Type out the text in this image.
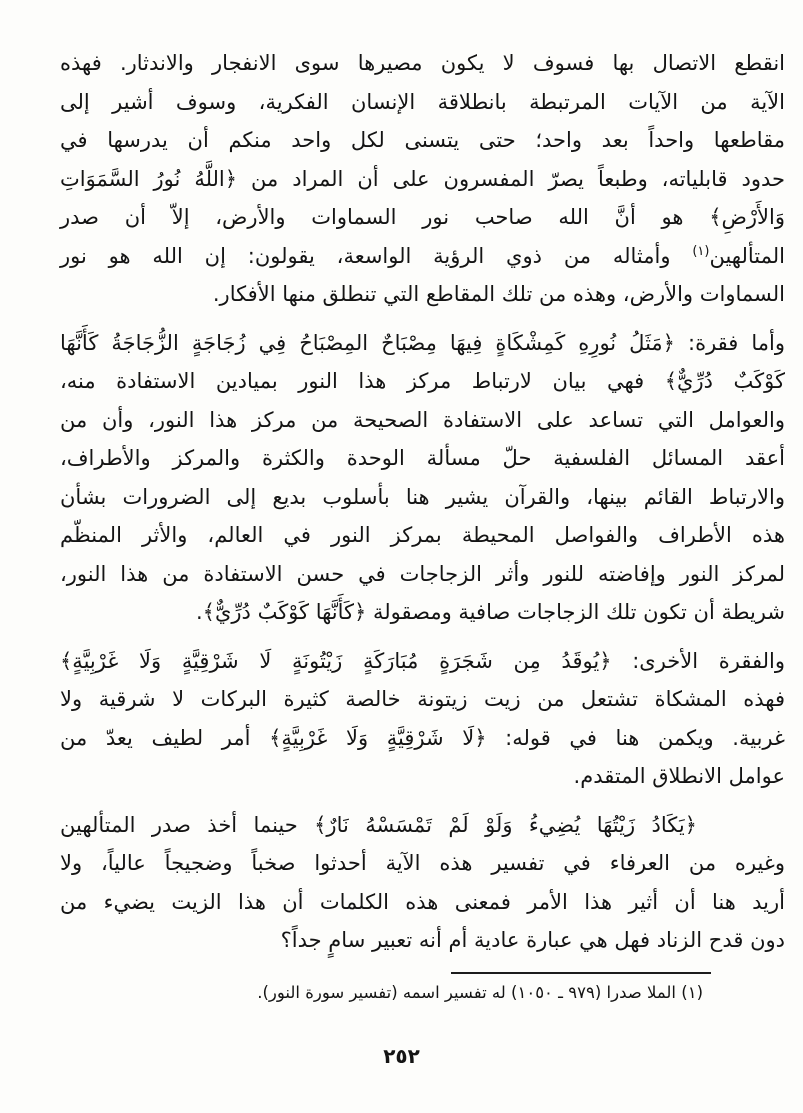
انقطع الاتصال بها فسوف لا يكون مصيرها سوى الانفجار والاندثار. فهذه
الآية من الآيات المرتبطة بانطلاقة الإنسان الفكرية، وسوف أشير إلى
مقاطعها واحداً بعد واحد؛ حتى يتسنى لكل واحد منكم أن يدرسها في
حدود قابلياته، وطبعاً يصرّ المفسرون على أن المراد من ﴿اللَّهُ نُورُ السَّمَوَاتِ
وَالأَرْضِ﴾ هو أنَّ الله صاحب نور السماوات والأرض، إلاّ أن صدر
المتألهين$^{(١)}$ وأمثاله من ذوي الرؤية الواسعة، يقولون: إن الله هو نور
السماوات والأرض، وهذه من تلك المقاطع التي تنطلق منها الأفكار.
وأما فقرة: ﴿مَثَلُ نُورِهِ كَمِشْكَاةٍ فِيهَا مِصْبَاحٌ المِصْبَاحُ فِي زُجَاجَةٍ الزُّجَاجَةُ كَأَنَّهَا
كَوْكَبٌ دُرِّيٌّ﴾ فهي بيان لارتباط مركز هذا النور بميادين الاستفادة منه،
والعوامل التي تساعد على الاستفادة الصحيحة من مركز هذا النور، وأن من
أعقد المسائل الفلسفية حلّ مسألة الوحدة والكثرة والمركز والأطراف،
والارتباط القائم بينها، والقرآن يشير هنا بأسلوب بديع إلى الضرورات بشأن
هذه الأطراف والفواصل المحيطة بمركز النور في العالم، والأثر المنظّم
لمركز النور وإفاضته للنور وأثر الزجاجات في حسن الاستفادة من هذا النور،
شريطة أن تكون تلك الزجاجات صافية ومصقولة ﴿كَأَنَّهَا كَوْكَبٌ دُرِّيٌّ﴾.
والفقرة الأخرى: ﴿يُوقَدُ مِن شَجَرَةٍ مُبَارَكَةٍ زَيْتُونَةٍ لَا شَرْقِيَّةٍ وَلَا غَرْبِيَّةٍ﴾
فهذه المشكاة تشتعل من زيت زيتونة خالصة كثيرة البركات لا شرقية ولا
غربية. ويكمن هنا في قوله: ﴿لَا شَرْقِيَّةٍ وَلَا غَرْبِيَّةٍ﴾ أمر لطيف يعدّ من
عوامل الانطلاق المتقدم.
﴿يَكَادُ زَيْتُهَا يُضِيءُ وَلَوْ لَمْ تَمْسَسْهُ نَارٌ﴾ حينما أخذ صدر المتألهين
وغيره من العرفاء في تفسير هذه الآية أحدثوا صخباً وضجيجاً عالياً، ولا
أريد هنا أن أثير هذا الأمر فمعنى هذه الكلمات أن هذا الزيت يضيء من
دون قدح الزناد فهل هي عبارة عادية أم أنه تعبير سامٍ جداً؟
(١) الملا صدرا (٩٧٩ ـ ١٠٥٠) له تفسير اسمه (تفسير سورة النور).
٢٥٢
